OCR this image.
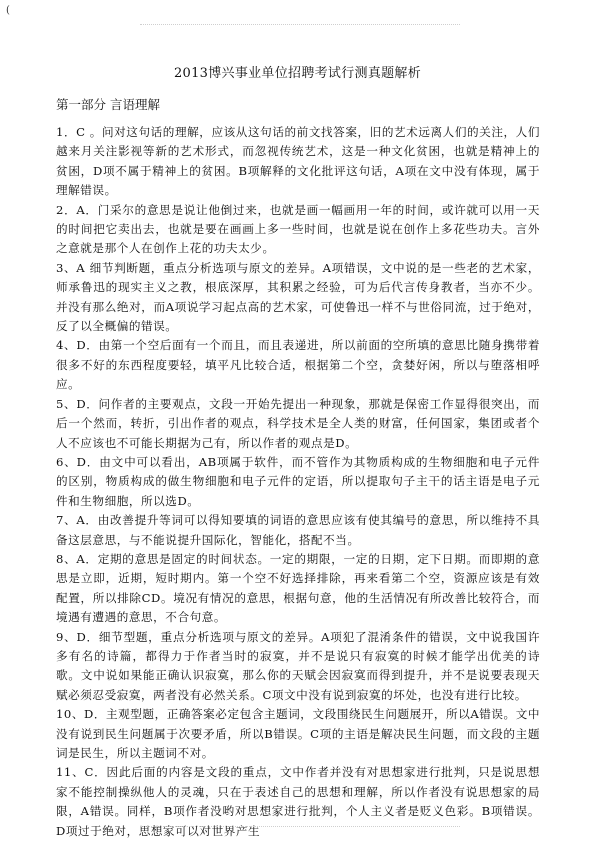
(
2013博兴事业单位招聘考试行测真题解析
第一部分 言语理解

1．C 。问对这句话的理解，应该从这句话的前文找答案，旧的艺术远离人们的关注，人们越来月关注影视等新的艺术形式，而忽视传统艺术，这是一种文化贫困，也就是精神上的贫困，D项不属于精神上的贫困。B项解释的文化批评这句话，A项在文中没有体现，属于理解错误。

2．A．门采尔的意思是说让他倒过来，也就是画一幅画用一年的时间，或许就可以用一天的时间把它卖出去，也就是要在画画上多一些时间，也就是说在创作上多花些功夫。言外之意就是那个人在创作上花的功夫太少。

3、A 细节判断题，重点分析选项与原文的差异。A项错误，文中说的是一些老的艺术家，师承鲁迅的现实主义之教，根底深厚，其积累之经验，可为后代言传身教者，当亦不少。并没有那么绝对，而A项说学习起点高的艺术家，可使鲁迅一样不与世俗同流，过于绝对，反了以全概偏的错误。

4、D．由第一个空后面有一个而且，而且表递进，所以前面的空所填的意思比随身携带着很多不好的东西程度要轻，填平凡比较合适，根据第二个空，贪婪好闲，所以与堕落相呼应。

5、D．问作者的主要观点，文段一开始先提出一种现象，那就是保密工作显得很突出，而后一个然而，转折，引出作者的观点，科学技术是全人类的财富，任何国家，集团或者个人不应该也不可能长期据为己有，所以作者的观点是D。

6、D．由文中可以看出，AB项属于软件，而不管作为其物质构成的生物细胞和电子元件的区别，物质构成的做生物细胞和电子元件的定语，所以提取句子主干的话主语是电子元件和生物细胞，所以选D。

7、A．由改善提升等词可以得知要填的词语的意思应该有使其编号的意思，所以维持不具备这层意思，与不能说提升国际化，智能化，搭配不当。

8、A．定期的意思是固定的时间状态。一定的期限，一定的日期，定下日期。而即期的意思是立即，近期，短时期内。第一个空不好选择排除，再来看第二个空，资源应该是有效配置，所以排除CD。境况有情况的意思，根据句意，他的生活情况有所改善比较符合，而境遇有遭遇的意思，不合句意。

9、D．细节型题，重点分析选项与原文的差异。A项犯了混淆条件的错误，文中说我国许多有名的诗篇，都得力于作者当时的寂寞，并不是说只有寂寞的时候才能学出优美的诗歌。文中说如果能正确认识寂寞，那么你的天赋会因寂寞而得到提升，并不是说要表现天赋必须忍受寂寞，两者没有必然关系。C项文中没有说到寂寞的坏处，也没有进行比较。

10、D．主观型题，正确答案必定包含主题词，文段围绕民生问题展开，所以A错误。文中没有说到民生问题属于次要矛盾，所以B错误。C项的主语是解决民生问题，而文段的主题词是民生，所以主题词不对。

11、C．因此后面的内容是文段的重点，文中作者并没有对思想家进行批判，只是说思想家不能控制操纵他人的灵魂，只在于表述自己的思想和理解，所以作者没有说思想家的局限，A错误。同样，B项作者没哟对思想家进行批判，个人主义者是贬义色彩。B项错误。D项过于绝对，思想家可以对世界产生
